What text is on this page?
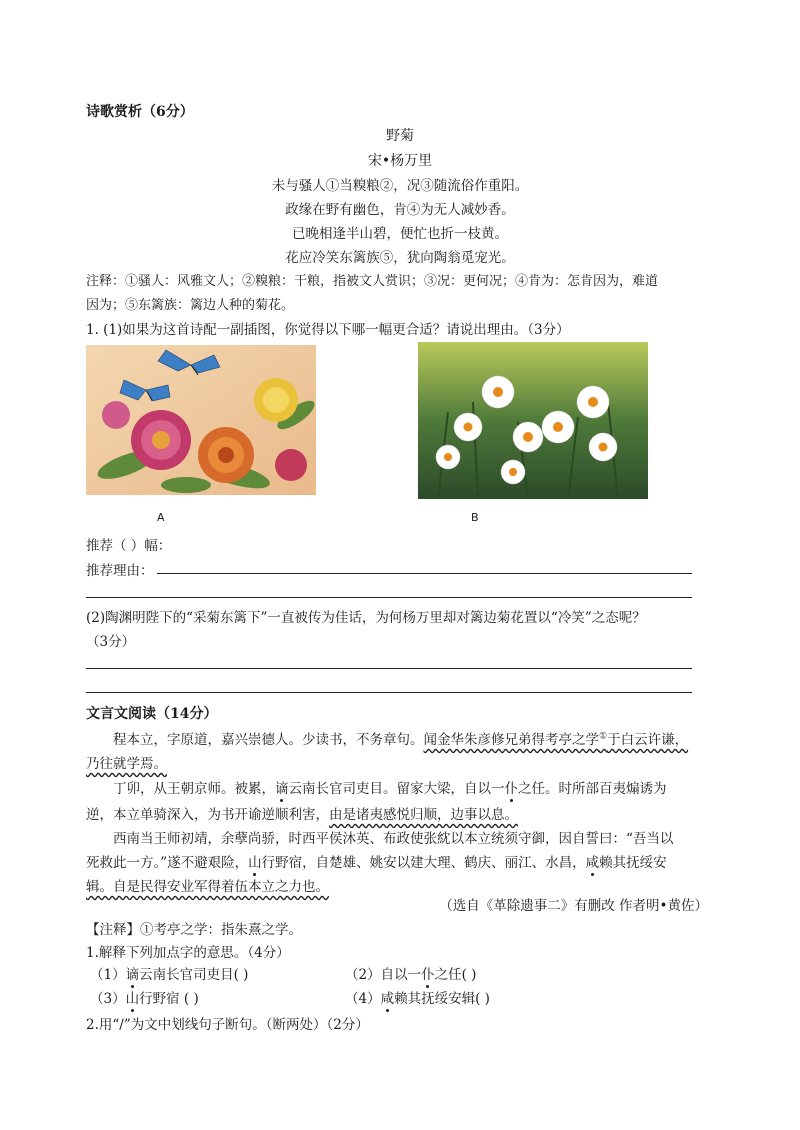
诗歌赏析（6分）
野菊
宋•杨万里
未与骚人①当糗粮②，况③随流俗作重阳。
政缘在野有幽色，肯④为无人减妙香。
已晚相逢半山碧，便忙也折一枝黄。
花应冷笑东篱族⑤，犹向陶翁觅宠光。
注释：①骚人：风雅文人；②糗粮：干粮，指被文人赏识；③况：更何况；④肯为：怎肯因为，难道
因为；⑤东篱族：篱边人种的菊花。
1. (1)如果为这首诗配一副插图，你觉得以下哪一幅更合适？请说出理由。（3分）
A	B
推荐（ ）幅：
推荐理由：
(2)陶渊明陛下的“采菊东篱下”一直被传为佳话，为何杨万里却对篱边菊花置以“冷笑”之态呢？
（3分）
文言文阅读（14分）
程本立，字原道，嘉兴崇德人。少读书，不务章句。闻金华朱彦修兄弟得考亭之学①于白云许谦，
乃往就学焉。
丁卯，从王朝京师。被累，谪云南长官司吏目。留家大梁，自以一仆之任。时所部百夷煽诱为
逆，本立单骑深入，为书开谕逆顺利害，由是诸夷感悦归顺，边事以息。
西南当王师初靖，余孽尚骄，时西平侯沐英、布政使张紞以本立统须守御，因自誓曰：“吾当以
死救此一方。”遂不避艰险，山行野宿，自楚雄、姚安以建大理、鹤庆、丽江、水昌，咸赖其抚绥安
辑。自是民得安业军得着伍本立之力也。
（选自《革除遗事二》有删改 作者明•黄佐）
【注释】①考亭之学：指朱熹之学。
1.解释下列加点字的意思。（4分）
（1）谪云南长官司吏目( )	（2）自以一仆之任( )
（3）山行野宿 ( )	（4）咸赖其抚绥安辑( )
2.用“/”为文中划线句子断句。（断两处）（2分）
